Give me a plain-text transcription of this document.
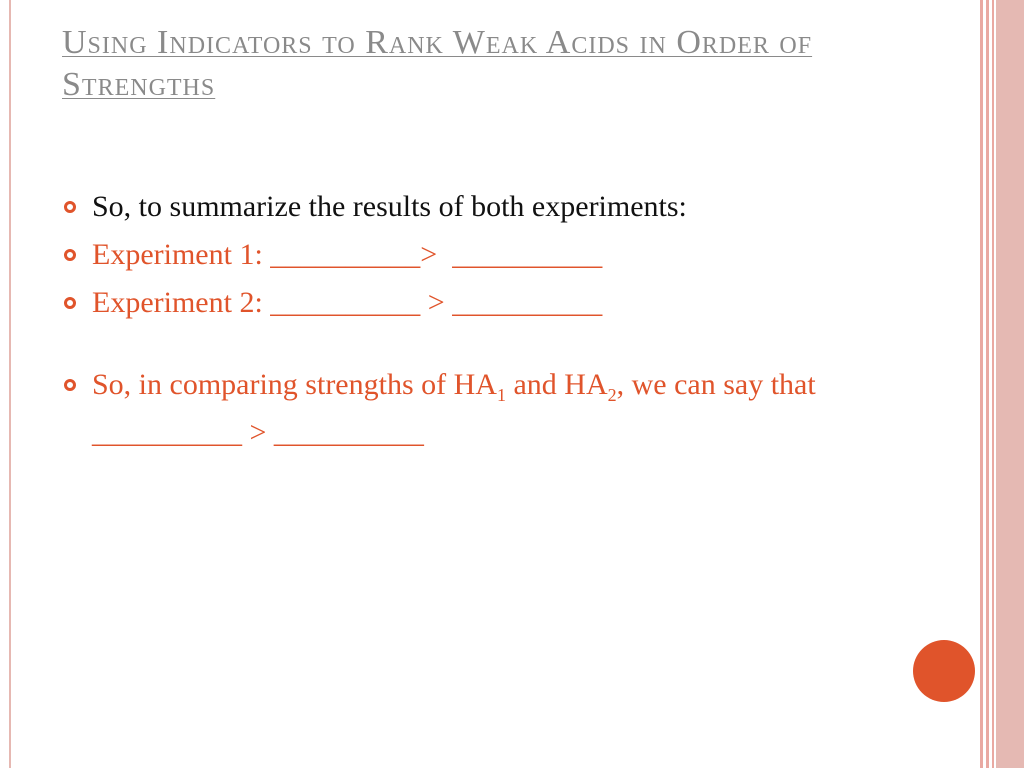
Using Indicators to Rank Weak Acids in Order of Strengths
So, to summarize the results of both experiments:
Experiment 1: __________>  __________
Experiment 2: __________ > __________
So, in comparing strengths of $HA_1$ and $HA_2$, we can say that   __________ > __________
